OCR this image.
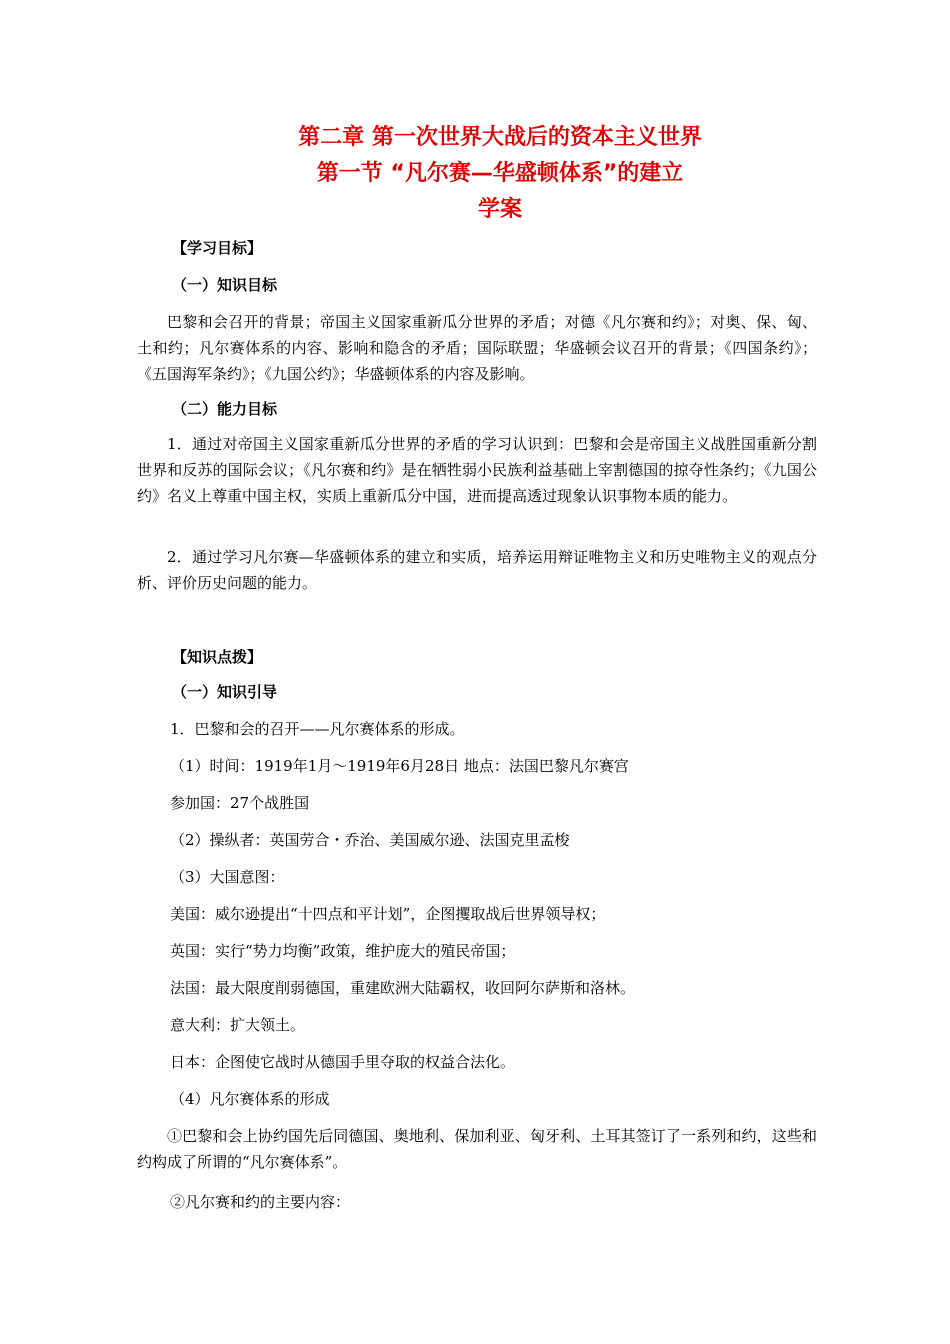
第二章 第一次世界大战后的资本主义世界
第一节 “凡尔赛—华盛顿体系”的建立
学案
【学习目标】
（一）知识目标
巴黎和会召开的背景；帝国主义国家重新瓜分世界的矛盾；对德《凡尔赛和约》；对奥、保、匈、土和约；凡尔赛体系的内容、影响和隐含的矛盾；国际联盟；华盛顿会议召开的背景；《四国条约》；《五国海军条约》；《九国公约》；华盛顿体系的内容及影响。
（二）能力目标
1．通过对帝国主义国家重新瓜分世界的矛盾的学习认识到：巴黎和会是帝国主义战胜国重新分割世界和反苏的国际会议；《凡尔赛和约》是在牺牲弱小民族利益基础上宰割德国的掠夺性条约；《九国公约》名义上尊重中国主权，实质上重新瓜分中国，进而提高透过现象认识事物本质的能力。
2．通过学习凡尔赛—华盛顿体系的建立和实质，培养运用辩证唯物主义和历史唯物主义的观点分析、评价历史问题的能力。
【知识点拨】
（一）知识引导
1．巴黎和会的召开——凡尔赛体系的形成。
（1）时间：1919年1月～1919年6月28日 地点：法国巴黎凡尔赛宫
参加国：27个战胜国
（2）操纵者：英国劳合・乔治、美国威尔逊、法国克里孟梭
（3）大国意图：
美国：威尔逊提出“十四点和平计划”，企图攫取战后世界领导权；
英国：实行“势力均衡”政策，维护庞大的殖民帝国；
法国：最大限度削弱德国，重建欧洲大陆霸权，收回阿尔萨斯和洛林。
意大利：扩大领土。
日本：企图使它战时从德国手里夺取的权益合法化。
（4）凡尔赛体系的形成
①巴黎和会上协约国先后同德国、奥地利、保加利亚、匈牙利、土耳其签订了一系列和约，这些和约构成了所谓的“凡尔赛体系”。
②凡尔赛和约的主要内容：
